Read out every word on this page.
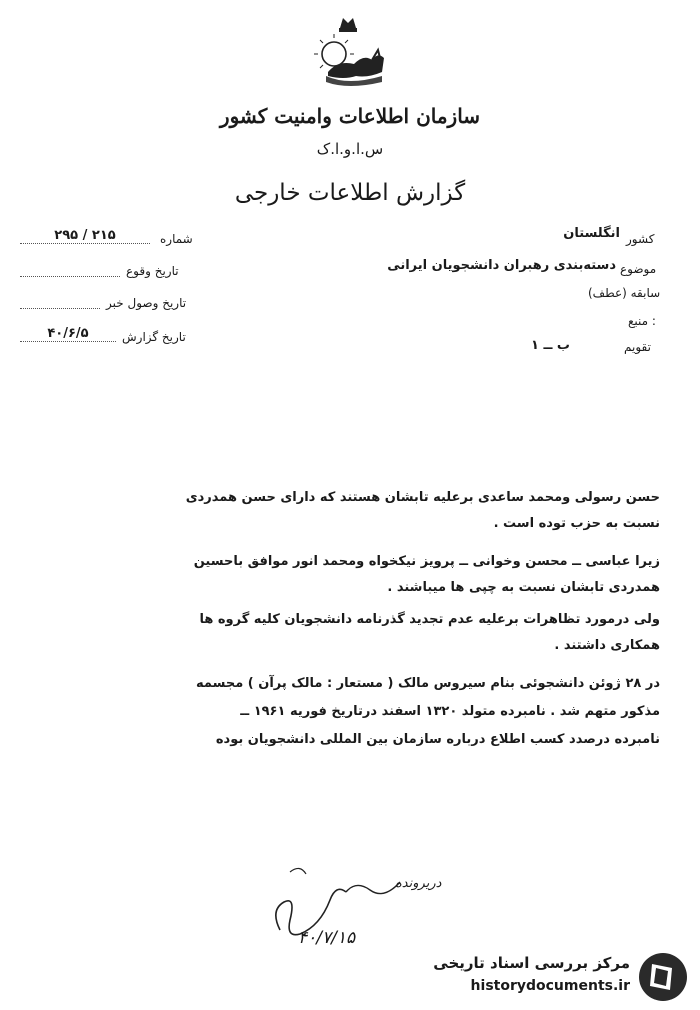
سازمان اطلاعات وامنیت کشور
س.ا.و.ا.ک
گزارش اطلاعات خارجی
شماره
۲۹۵ / ۲۱۵
تاریخ وقوع
تاریخ وصول خبر
تاریخ گزارش
۴۰/۶/۵
کشور
انگلستان
موضوع
دسته‌بندی رهبران دانشجویان ایرانی
سابقه (عطف)
منبع :
تقویم
ب ــ ۱
حسن رسولی ومحمد ساعدی برعلیه تابشان هستند که دارای حسن همدردی
نسبت به حزب توده است .
زیرا عباسی ــ محسن وخوانی ــ پرویز نیکخواه ومحمد انور موافق باحسین
همدردی تابشان نسبت به چپی ها میباشند .
ولی درمورد تظاهرات برعلیه عدم تجدید گذرنامه دانشجویان کلیه گروه ها
همکاری داشتند .
در ۲۸ ژوئن دانشجوئی بنام سیروس مالک ( مستعار : مالک پرآن ) مجسمه
مذکور متهم شد . نامبرده متولد ۱۳۲۰ اسفند درتاریخ فوریه ۱۹۶۱ ــ
نامبرده درصدد کسب اطلاع درباره سازمان بین المللی دانشجویان بوده
دریرونده
۴۰/۷/۱۵
مرکز بررسی اسناد تاریخی
historydocuments.ir
